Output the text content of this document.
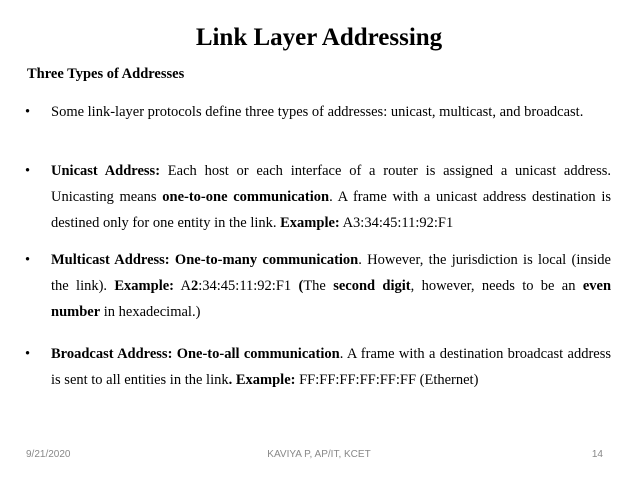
Link Layer Addressing
Three Types of Addresses
•	Some link-layer protocols define three types of addresses: unicast, multicast, and broadcast.
•	Unicast Address: Each host or each interface of a router is assigned a unicast address. Unicasting means one-to-one communication. A frame with a unicast address destination is destined only for one entity in the link. Example: A3:34:45:11:92:F1
•	Multicast Address: One-to-many communication. However, the jurisdiction is local (inside the link). Example: A2:34:45:11:92:F1 (The second digit, however, needs to be an even number in hexadecimal.)
•	Broadcast Address: One-to-all communication. A frame with a destination broadcast address is sent to all entities in the link. Example: FF:FF:FF:FF:FF:FF (Ethernet)
9/21/2020	KAVIYA P, AP/IT, KCET	14
